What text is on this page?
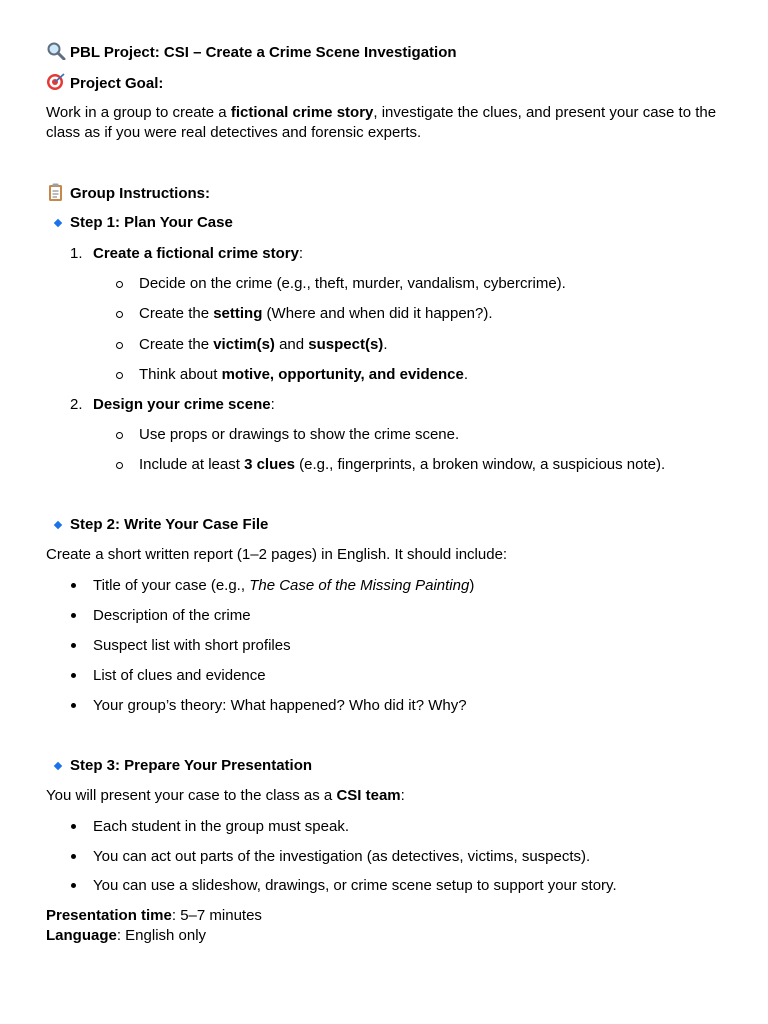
PBL Project: CSI – Create a Crime Scene Investigation
Project Goal:
Work in a group to create a fictional crime story, investigate the clues, and present your case to the class as if you were real detectives and forensic experts.
Group Instructions:
Step 1: Plan Your Case
1. Create a fictional crime story:
Decide on the crime (e.g., theft, murder, vandalism, cybercrime).
Create the setting (Where and when did it happen?).
Create the victim(s) and suspect(s).
Think about motive, opportunity, and evidence.
2. Design your crime scene:
Use props or drawings to show the crime scene.
Include at least 3 clues (e.g., fingerprints, a broken window, a suspicious note).
Step 2: Write Your Case File
Create a short written report (1–2 pages) in English. It should include:
Title of your case (e.g., The Case of the Missing Painting)
Description of the crime
Suspect list with short profiles
List of clues and evidence
Your group’s theory: What happened? Who did it? Why?
Step 3: Prepare Your Presentation
You will present your case to the class as a CSI team:
Each student in the group must speak.
You can act out parts of the investigation (as detectives, victims, suspects).
You can use a slideshow, drawings, or crime scene setup to support your story.
Presentation time: 5–7 minutes
Language: English only
